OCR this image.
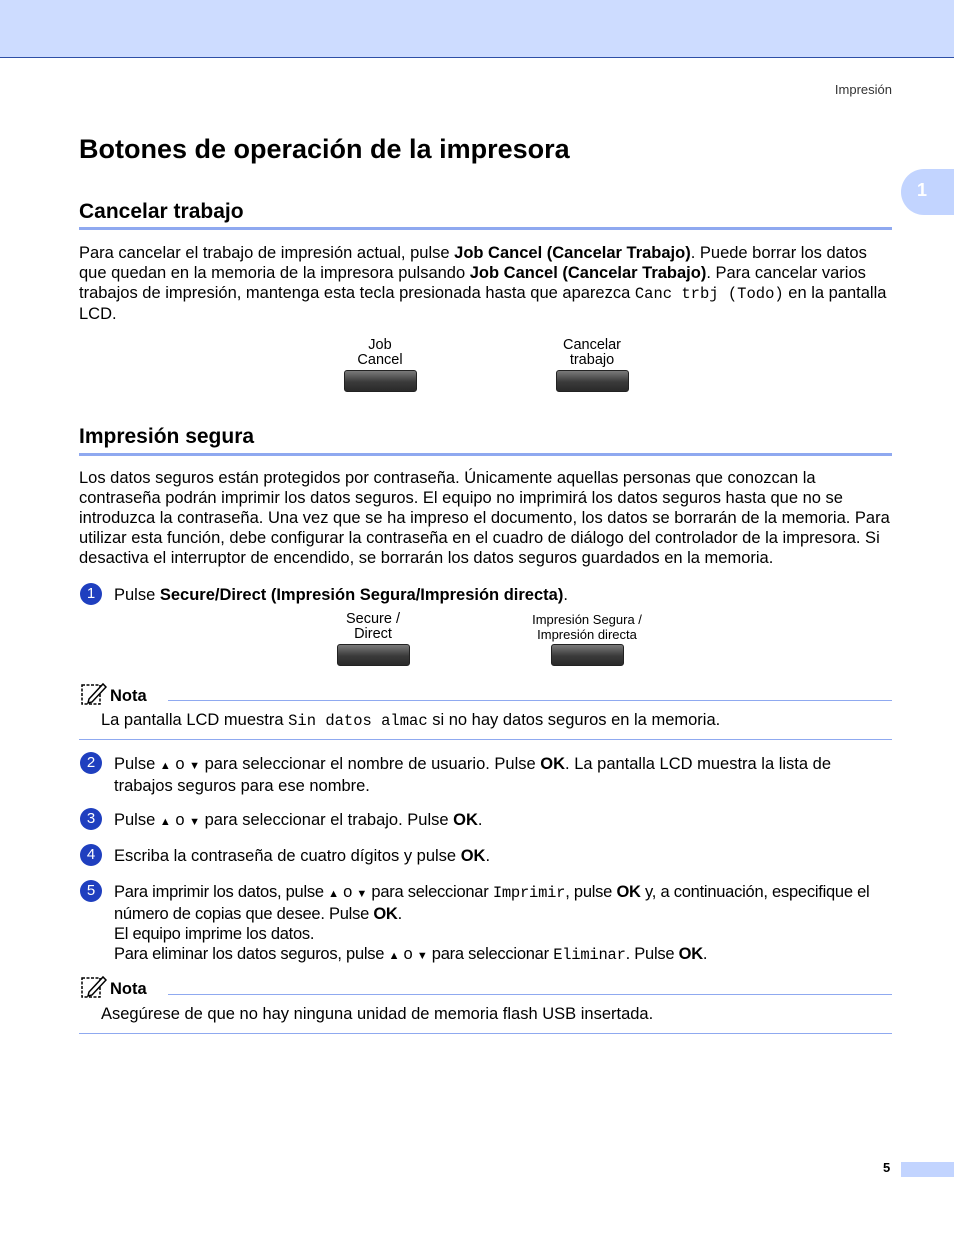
Impresión
1
Botones de operación de la impresora
Cancelar trabajo
Para cancelar el trabajo de impresión actual, pulse Job Cancel (Cancelar Trabajo). Puede borrar los datos que quedan en la memoria de la impresora pulsando Job Cancel (Cancelar Trabajo). Para cancelar varios trabajos de impresión, mantenga esta tecla presionada hasta que aparezca Canc trbj (Todo) en la pantalla LCD.
Job
Cancel
Cancelar
trabajo
Impresión segura
Los datos seguros están protegidos por contraseña. Únicamente aquellas personas que conozcan la contraseña podrán imprimir los datos seguros. El equipo no imprimirá los datos seguros hasta que no se introduzca la contraseña. Una vez que se ha impreso el documento, los datos se borrarán de la memoria. Para utilizar esta función, debe configurar la contraseña en el cuadro de diálogo del controlador de la impresora. Si desactiva el interruptor de encendido, se borrarán los datos seguros guardados en la memoria.
1	Pulse Secure/Direct (Impresión Segura/Impresión directa).
Secure /
Direct
Impresión Segura /
Impresión directa
Nota
La pantalla LCD muestra Sin datos almac si no hay datos seguros en la memoria.
2	Pulse ▲ o ▼ para seleccionar el nombre de usuario. Pulse OK. La pantalla LCD muestra la lista de trabajos seguros para ese nombre.
3	Pulse ▲ o ▼ para seleccionar el trabajo. Pulse OK.
4	Escriba la contraseña de cuatro dígitos y pulse OK.
5	Para imprimir los datos, pulse ▲ o ▼ para seleccionar Imprimir, pulse OK y, a continuación, especifique el número de copias que desee. Pulse OK.
El equipo imprime los datos.
Para eliminar los datos seguros, pulse ▲ o ▼ para seleccionar Eliminar. Pulse OK.
Nota
Asegúrese de que no hay ninguna unidad de memoria flash USB insertada.
5
